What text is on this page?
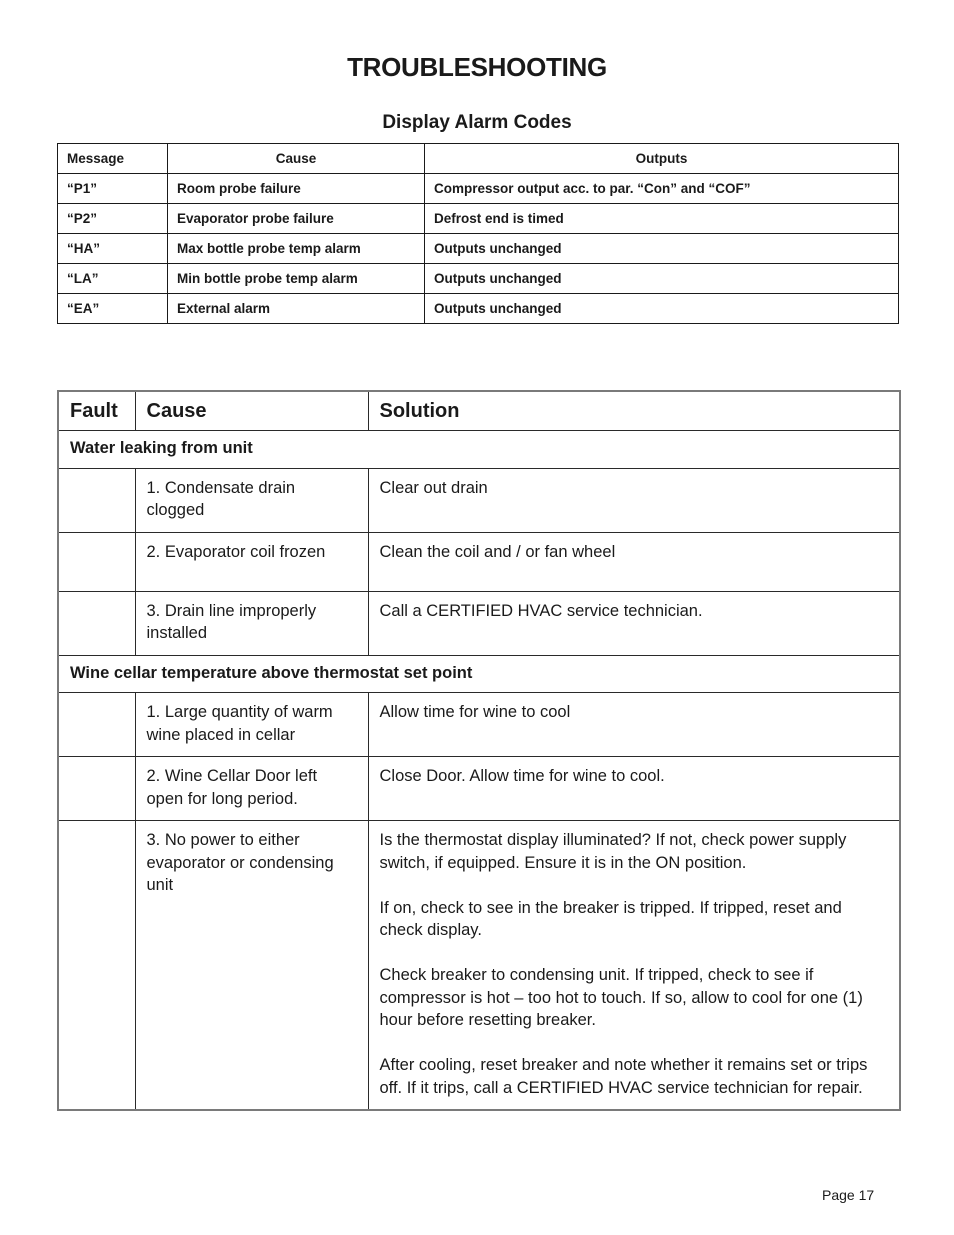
TROUBLESHOOTING
Display Alarm Codes
Message	Cause	Outputs
“P1”	Room probe failure	Compressor output acc. to par. “Con” and “COF”
“P2”	Evaporator probe failure	Defrost end is timed
“HA”	Max bottle probe temp alarm	Outputs unchanged
“LA”	Min bottle probe temp alarm	Outputs unchanged
“EA”	External alarm	Outputs unchanged
Fault	Cause	Solution
Water leaking from unit		
	1. Condensate drain clogged	Clear out drain
	2. Evaporator coil frozen	Clean the coil and / or fan wheel
	3. Drain line improperly installed	Call a CERTIFIED HVAC service technician.
Wine cellar temperature above thermostat set point		
	1. Large quantity of warm wine placed in cellar	Allow time for wine to cool
	2. Wine Cellar Door left open for long period.	Close Door. Allow time for wine to cool.
	3. No power to either evaporator or condensing unit	Is the thermostat display illuminated? If not, check power supply switch, if equipped. Ensure it is in the ON position.
If on, check to see in the breaker is tripped. If tripped, reset and check display.
Check breaker to condensing unit. If tripped, check to see if compressor is hot – too hot to touch. If so, allow to cool for one (1) hour before resetting breaker.
After cooling, reset breaker and note whether it remains set or trips off. If it trips, call a CERTIFIED HVAC service technician for repair.
Page 17
